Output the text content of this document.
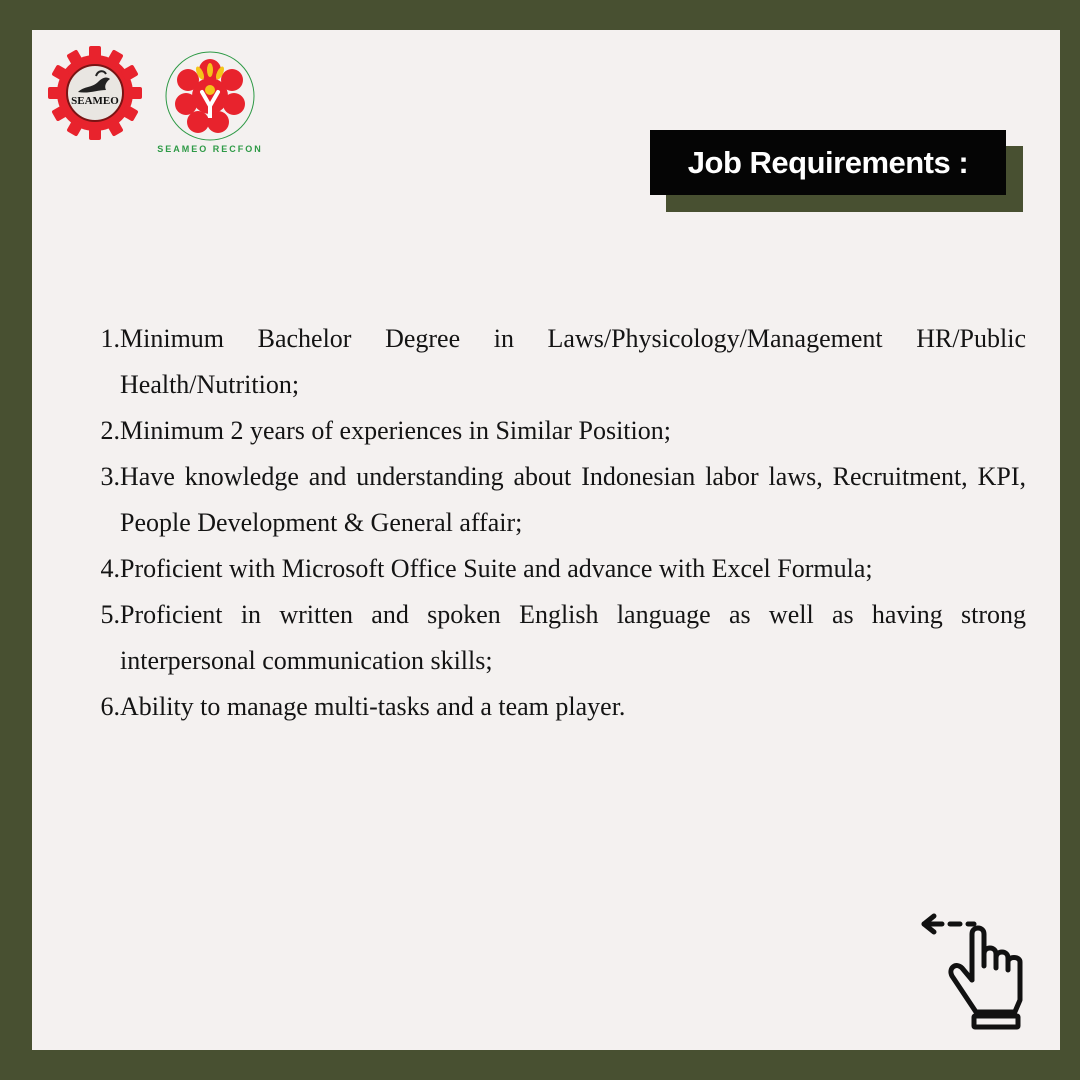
SEAMEO
SEAMEO RECFON	Job Requirements :
1. Minimum Bachelor Degree in Laws/Physicology/Management HR/Public Health/Nutrition;
2. Minimum 2 years of experiences in Similar Position;
3. Have knowledge and understanding about Indonesian labor laws, Recruitment, KPI, People Development & General affair;
4. Proficient with Microsoft Office Suite and advance with Excel Formula;
5. Proficient in written and spoken English language as well as having strong interpersonal communication skills;
6. Ability to manage multi-tasks and a team player.
